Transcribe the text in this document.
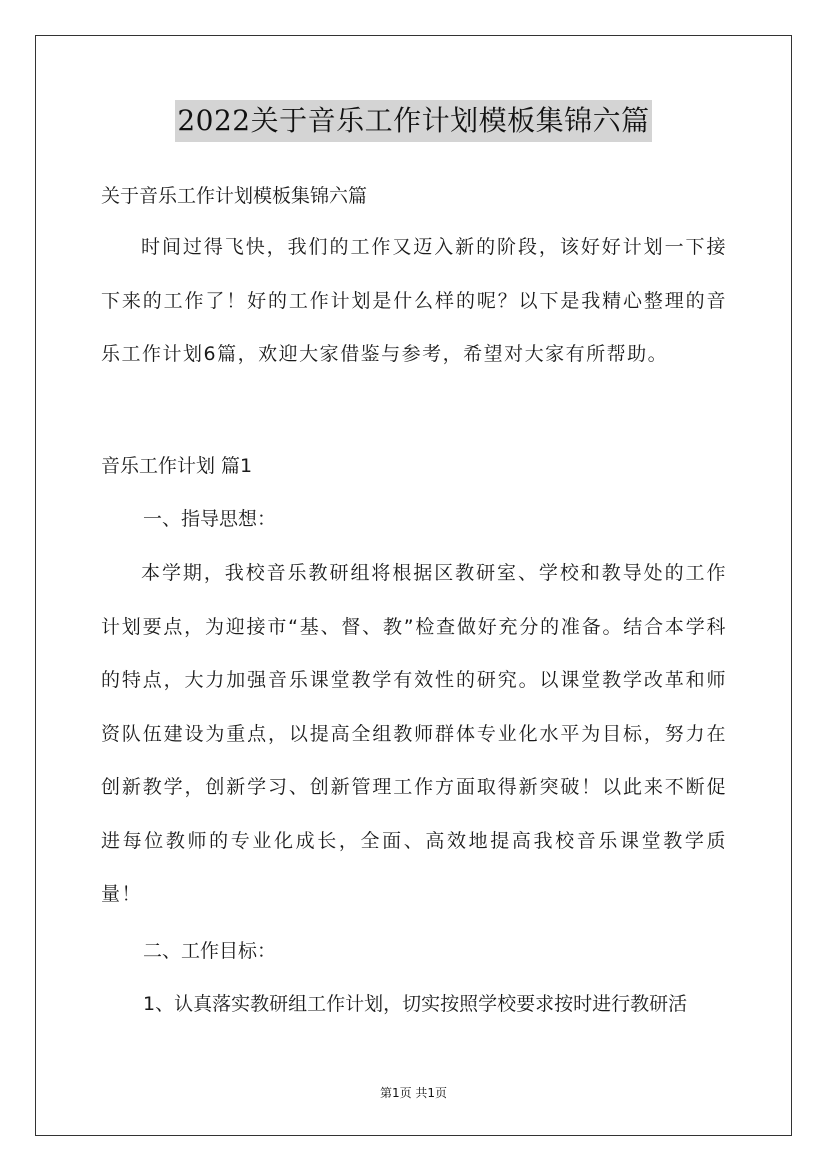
2022关于音乐工作计划模板集锦六篇
关于音乐工作计划模板集锦六篇
时间过得飞快，我们的工作又迈入新的阶段，该好好计划一下接下来的工作了！好的工作计划是什么样的呢？以下是我精心整理的音乐工作计划6篇，欢迎大家借鉴与参考，希望对大家有所帮助。
音乐工作计划 篇1
一、指导思想：
本学期，我校音乐教研组将根据区教研室、学校和教导处的工作计划要点，为迎接市“基、督、教”检查做好充分的准备。结合本学科的特点，大力加强音乐课堂教学有效性的研究。以课堂教学改革和师资队伍建设为重点，以提高全组教师群体专业化水平为目标，努力在创新教学，创新学习、创新管理工作方面取得新突破！以此来不断促进每位教师的专业化成长，全面、高效地提高我校音乐课堂教学质量！
二、工作目标：
1、认真落实教研组工作计划，切实按照学校要求按时进行教研活
第1页 共1页
